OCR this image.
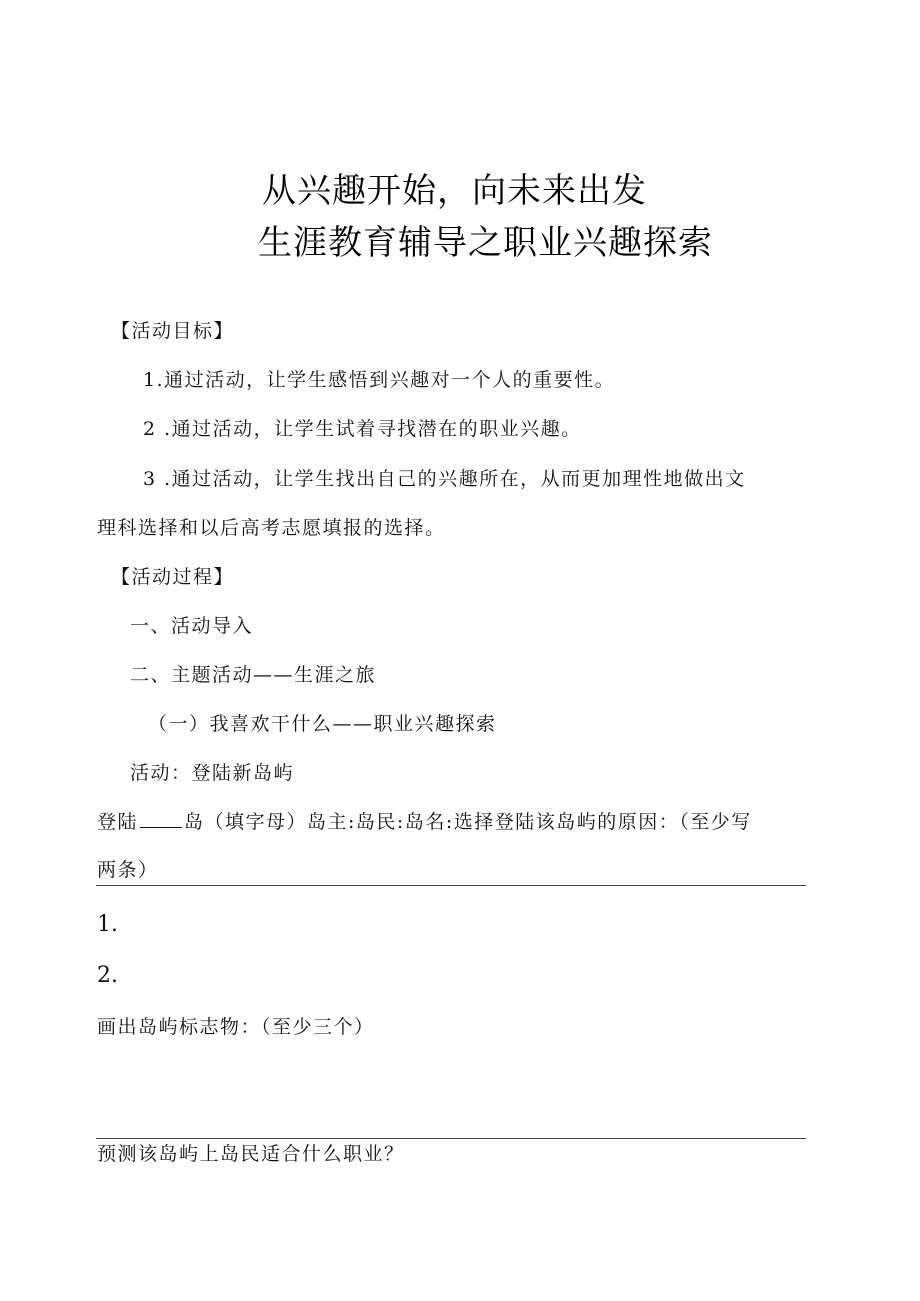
从兴趣开始，向未来出发
生涯教育辅导之职业兴趣探索
【活动目标】
1.通过活动，让学生感悟到兴趣对一个人的重要性。
2 .通过活动，让学生试着寻找潜在的职业兴趣。
3 .通过活动，让学生找出自己的兴趣所在，从而更加理性地做出文
理科选择和以后高考志愿填报的选择。
【活动过程】
一、活动导入
二、主题活动——生涯之旅
（一）我喜欢干什么——职业兴趣探索
活动：登陆新岛屿
登陆 岛（填字母）岛主:岛民:岛名:选择登陆该岛屿的原因：（至少写
两条）
1.
2.
画出岛屿标志物：（至少三个）
预测该岛屿上岛民适合什么职业？
